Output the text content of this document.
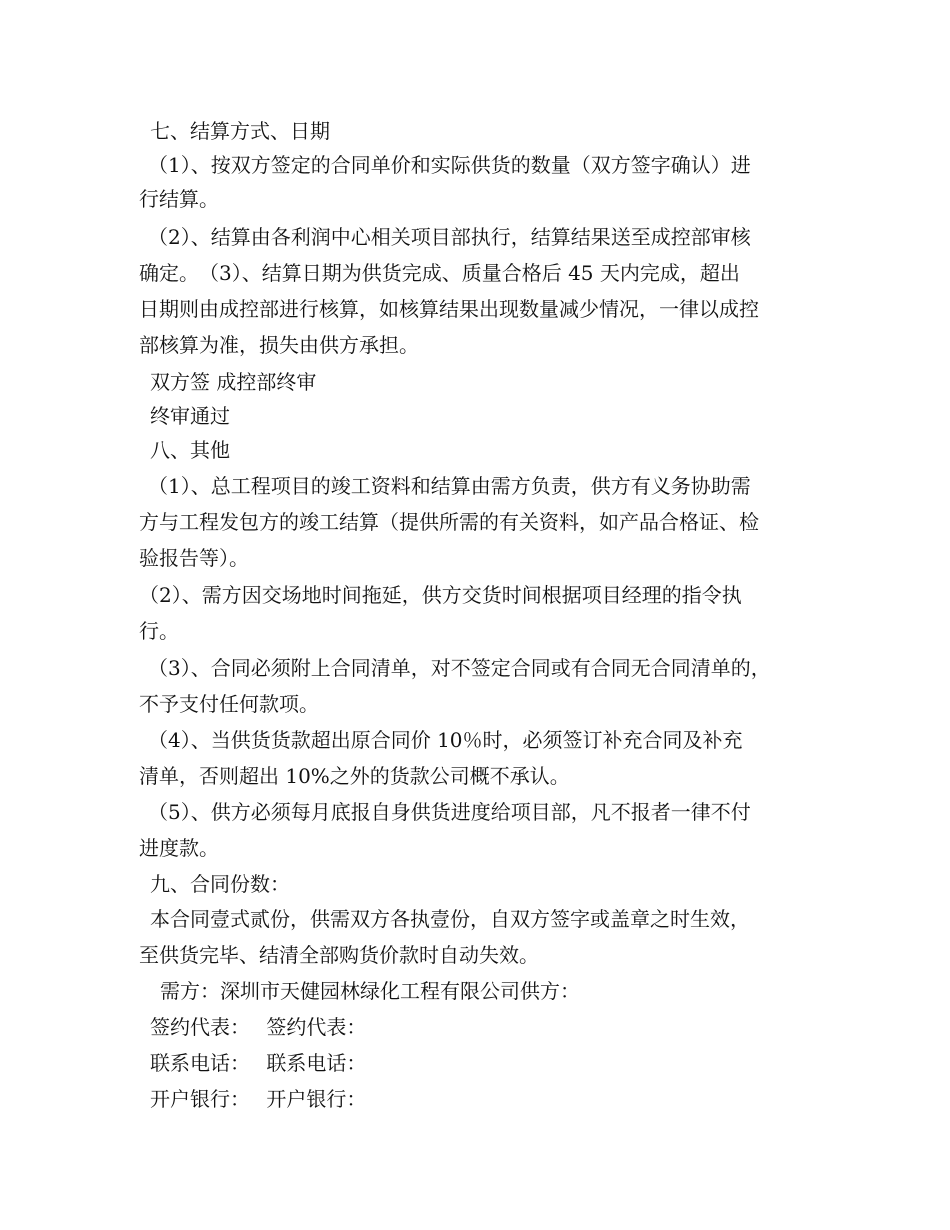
七、结算方式、日期

（1）、按双方签定的合同单价和实际供货的数量（双方签字确认）进

行结算。

（2）、结算由各利润中心相关项目部执行，结算结果送至成控部审核

确定。　（3）、结算日期为供货完成、质量合格后 45 天内完成，超出

日期则由成控部进行核算，如核算结果出现数量减少情况，一律以成控

部核算为准，损失由供方承担。

双方签 成控部终审

终审通过

八、其他

（1）、总工程项目的竣工资料和结算由需方负责，供方有义务协助需

方与工程发包方的竣工结算（提供所需的有关资料，如产品合格证、检

验报告等）。

（2）、需方因交场地时间拖延，供方交货时间根据项目经理的指令执

行。

（3）、合同必须附上合同清单，对不签定合同或有合同无合同清单的，

不予支付任何款项。

（4）、当供货货款超出原合同价 10％时，必须签订补充合同及补充

清单，否则超出 10%之外的货款公司概不承认。

（5）、供方必须每月底报自身供货进度给项目部，凡不报者一律不付

进度款。

九、合同份数：

本合同壹式贰份，供需双方各执壹份，自双方签字或盖章之时生效，

至供货完毕、结清全部购货价款时自动失效。

需方：深圳市天健园林绿化工程有限公司供方：

签约代表：　 签约代表：

联系电话：　 联系电话：

开户银行：　 开户银行：
